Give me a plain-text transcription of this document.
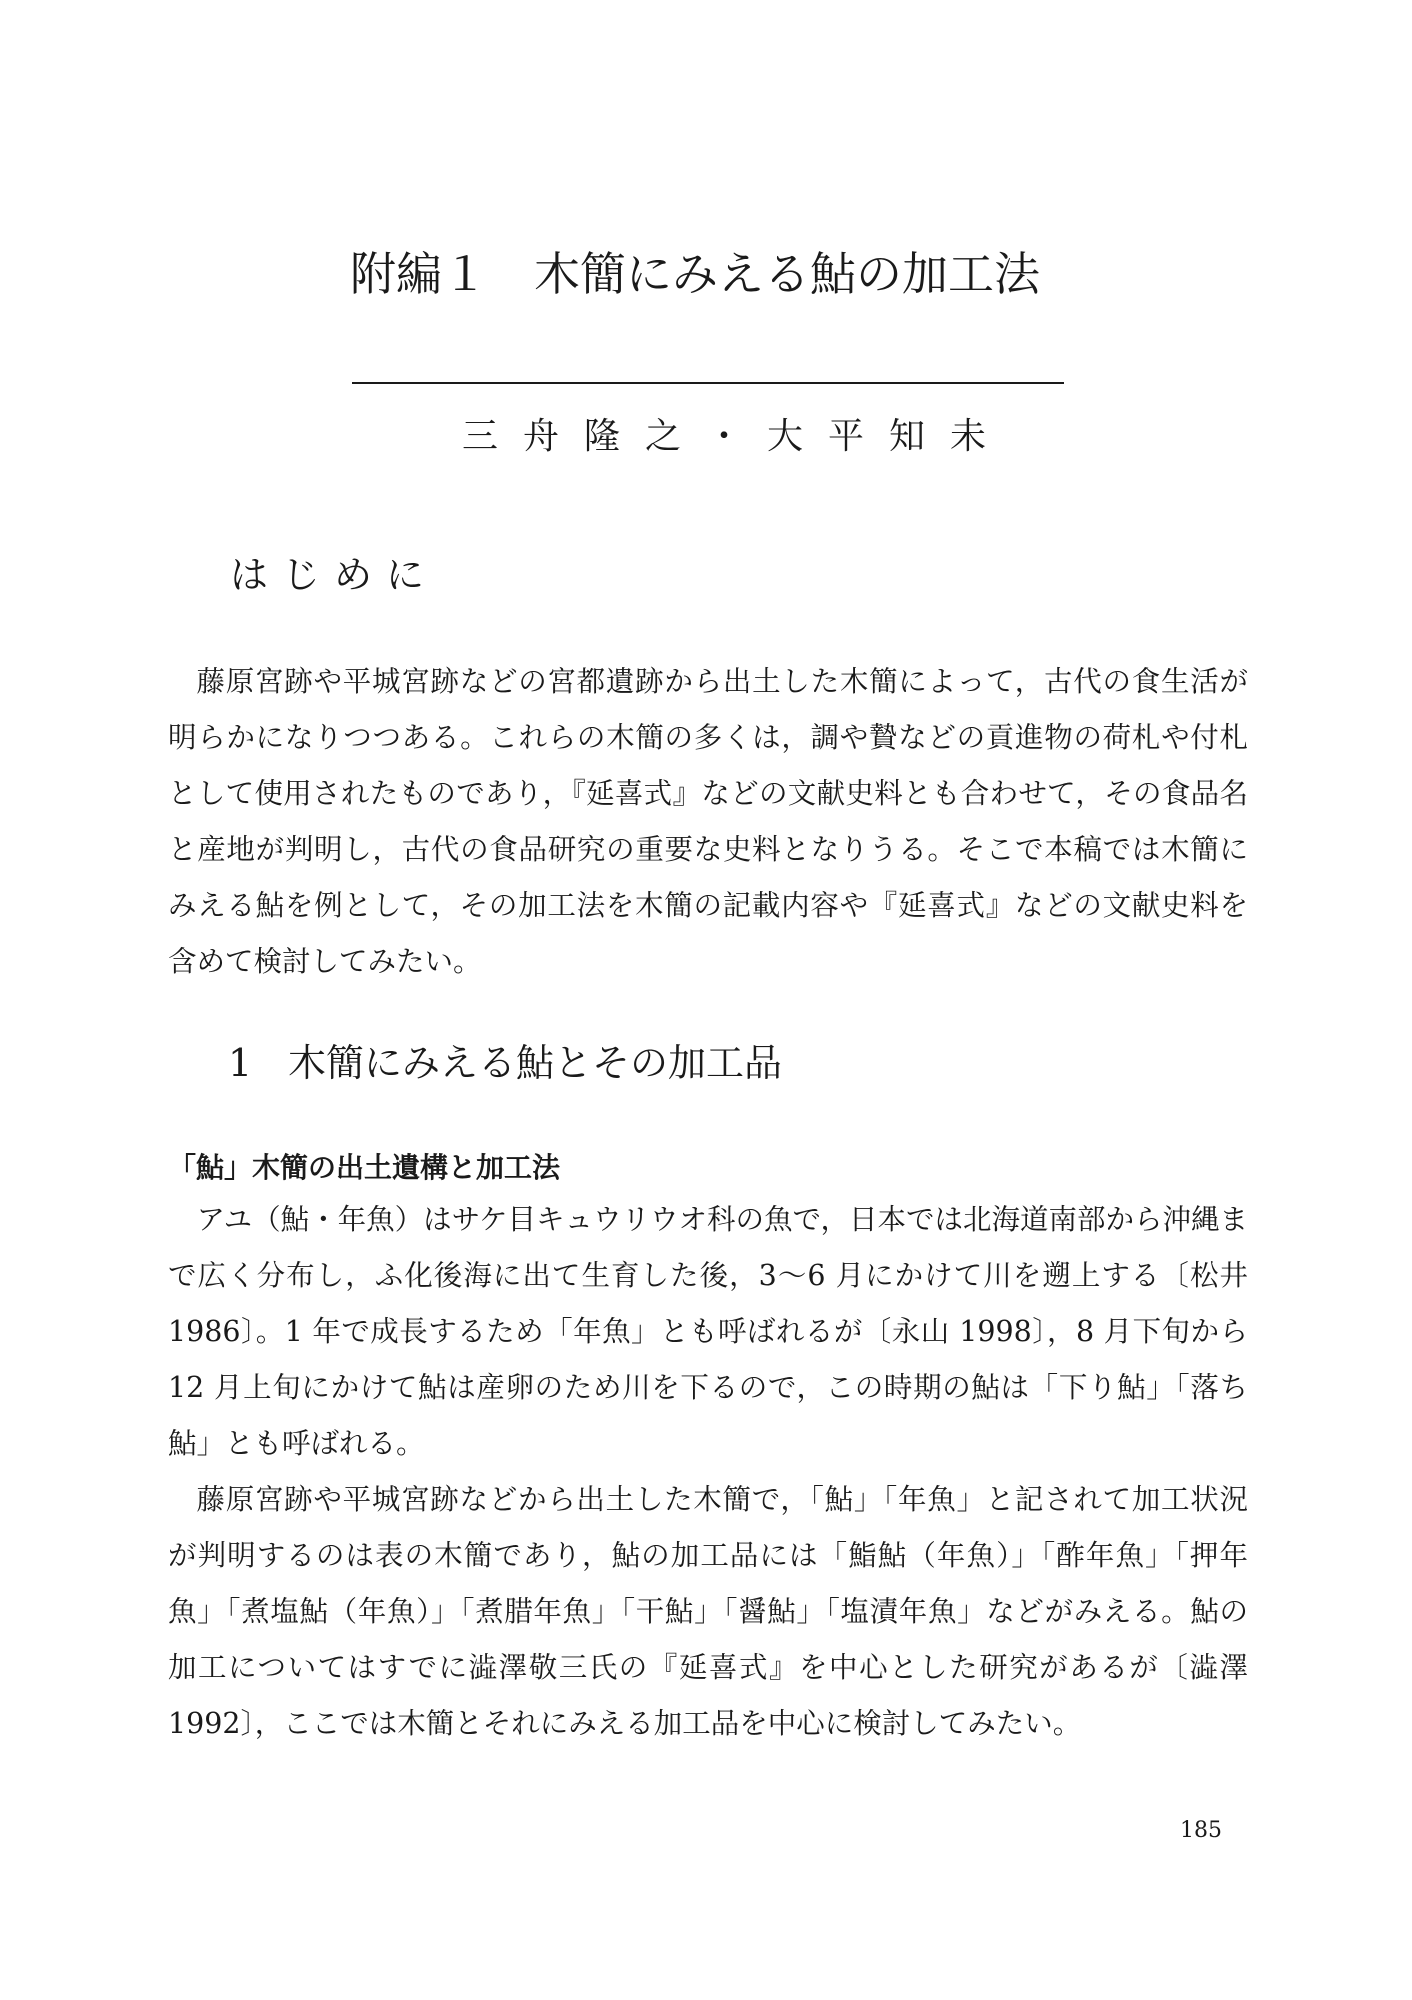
附編１　木簡にみえる鮎の加工法
三舟隆之・大平知未
はじめに

藤原宮跡や平城宮跡などの宮都遺跡から出土した木簡によって，古代の食生活が明らかになりつつある。これらの木簡の多くは，調や贄などの貢進物の荷札や付札として使用されたものであり，『延喜式』などの文献史料とも合わせて，その食品名と産地が判明し，古代の食品研究の重要な史料となりうる。そこで本稿では木簡にみえる鮎を例として，その加工法を木簡の記載内容や『延喜式』などの文献史料を含めて検討してみたい。

1 木簡にみえる鮎とその加工品
「鮎」木簡の出土遺構と加工法

アユ（鮎・年魚）はサケ目キュウリウオ科の魚で，日本では北海道南部から沖縄まで広く分布し，ふ化後海に出て生育した後，3〜6 月にかけて川を遡上する〔松井 1986〕。1 年で成長するため「年魚」とも呼ばれるが〔永山 1998〕，8 月下旬から 12 月上旬にかけて鮎は産卵のため川を下るので，この時期の鮎は「下り鮎」「落ち鮎」とも呼ばれる。

藤原宮跡や平城宮跡などから出土した木簡で，「鮎」「年魚」と記されて加工状況が判明するのは表の木簡であり，鮎の加工品には「鮨鮎（年魚）」「酢年魚」「押年魚」「煮塩鮎（年魚）」「煮腊年魚」「干鮎」「醤鮎」「塩漬年魚」などがみえる。鮎の加工についてはすでに澁澤敬三氏の『延喜式』を中心とした研究があるが〔澁澤 1992〕，ここでは木簡とそれにみえる加工品を中心に検討してみたい。

185
